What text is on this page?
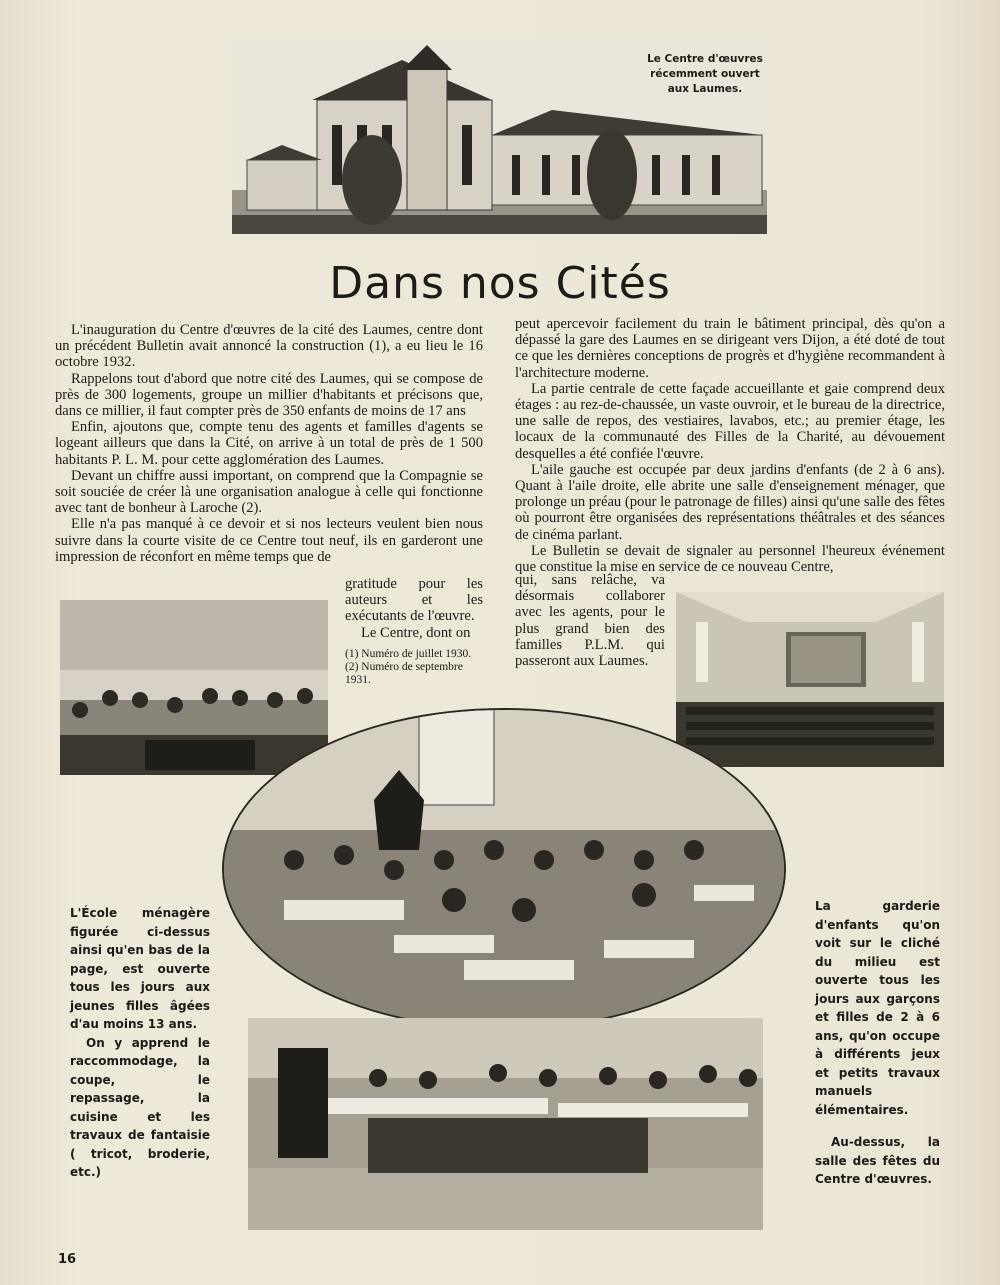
Le Centre d'œuvres
récemment ouvert
aux Laumes.
Dans nos Cités

L'inauguration du Centre d'œuvres de la cité des Laumes, centre dont un précédent Bulletin avait annoncé la construction (1), a eu lieu le 16 octobre 1932.

Rappelons tout d'abord que notre cité des Laumes, qui se compose de près de 300 logements, groupe un millier d'habitants et précisons que, dans ce millier, il faut compter près de 350 enfants de moins de 17 ans

Enfin, ajoutons que, compte tenu des agents et familles d'agents se logeant ailleurs que dans la Cité, on arrive à un total de près de 1 500 habitants P. L. M. pour cette agglomération des Laumes.

Devant un chiffre aussi important, on comprend que la Compagnie se soit souciée de créer là une organisation analogue à celle qui fonctionne avec tant de bonheur à Laroche (2).

Elle n'a pas manqué à ce devoir et si nos lecteurs veulent bien nous suivre dans la courte visite de ce Centre tout neuf, ils en garderont une impression de réconfort en même temps que de

gratitude pour les auteurs et les exécutants de l'œuvre.

Le Centre, dont on

(1) Numéro de juillet 1930.
(2) Numéro de septembre 1931.

peut apercevoir facilement du train le bâtiment principal, dès qu'on a dépassé la gare des Laumes en se dirigeant vers Dijon, a été doté de tout ce que les dernières conceptions de progrès et d'hygiène recommandent à l'architecture moderne.

La partie centrale de cette façade accueillante et gaie comprend deux étages : au rez-de-chaussée, un vaste ouvroir, et le bureau de la directrice, une salle de repos, des vestiaires, lavabos, etc.; au premier étage, les locaux de la communauté des Filles de la Charité, au dévouement desquelles a été confiée l'œuvre.

L'aile gauche est occupée par deux jardins d'enfants (de 2 à 6 ans). Quant à l'aile droite, elle abrite une salle d'enseignement ménager, que prolonge un préau (pour le patronage de filles) ainsi qu'une salle des fêtes où pourront être organisées des représentations théâtrales et des séances de cinéma parlant.

Le Bulletin se devait de signaler au personnel l'heureux événement que constitue la mise en service de ce nouveau Centre,

qui, sans relâche, va désormais collaborer avec les agents, pour le plus grand bien des familles P.L.M. qui passeront aux Laumes.
L'École ménagère figurée ci-dessus ainsi qu'en bas de la page, est ouverte tous les jours aux jeunes filles âgées d'au moins 13 ans.
On y apprend le raccommodage, la coupe, le repassage, la cuisine et les travaux de fantaisie ( tricot, broderie, etc.)
La garderie d'enfants qu'on voit sur le cliché du milieu est ouverte tous les jours aux garçons et filles de 2 à 6 ans, qu'on occupe à différents jeux et petits travaux manuels élémentaires.
Au-dessus, la salle des fêtes du Centre d'œuvres.
16
